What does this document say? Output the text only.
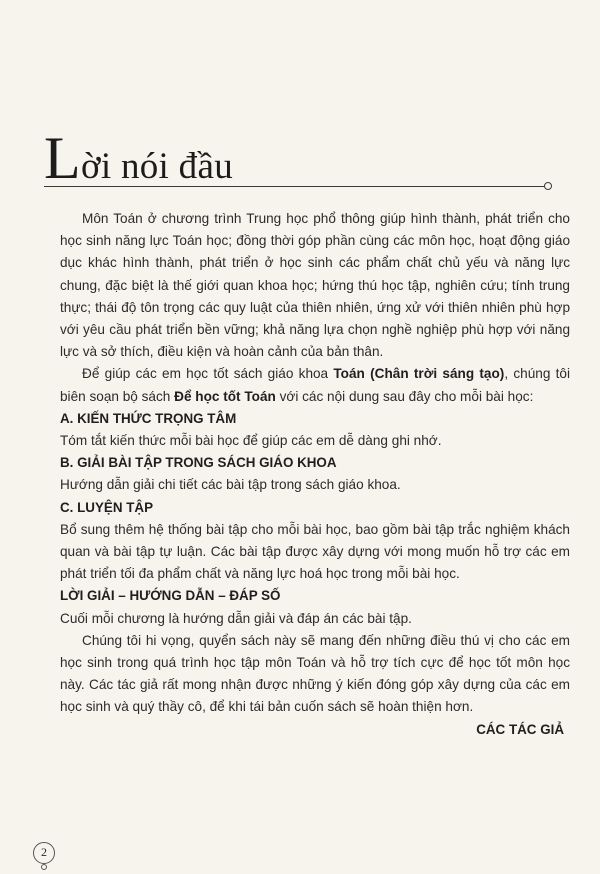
Lời nói đầu

Môn Toán ở chương trình Trung học phổ thông giúp hình thành, phát triển cho học sinh năng lực Toán học; đồng thời góp phần cùng các môn học, hoạt động giáo dục khác hình thành, phát triển ở học sinh các phẩm chất chủ yếu và năng lực chung, đặc biệt là thế giới quan khoa học; hứng thú học tập, nghiên cứu; tính trung thực; thái độ tôn trọng các quy luật của thiên nhiên, ứng xử với thiên nhiên phù hợp với yêu cầu phát triển bền vững; khả năng lựa chọn nghề nghiệp phù hợp với năng lực và sở thích, điều kiện và hoàn cảnh của bản thân.

Để giúp các em học tốt sách giáo khoa Toán (Chân trời sáng tạo), chúng tôi biên soạn bộ sách Để học tốt Toán với các nội dung sau đây cho mỗi bài học:

A. KIẾN THỨC TRỌNG TÂM

Tóm tắt kiến thức mỗi bài học để giúp các em dễ dàng ghi nhớ.

B. GIẢI BÀI TẬP TRONG SÁCH GIÁO KHOA

Hướng dẫn giải chi tiết các bài tập trong sách giáo khoa.

C. LUYỆN TẬP

Bổ sung thêm hệ thống bài tập cho mỗi bài học, bao gồm bài tập trắc nghiệm khách quan và bài tập tự luận. Các bài tập được xây dựng với mong muốn hỗ trợ các em phát triển tối đa phẩm chất và năng lực hoá học trong mỗi bài học.

LỜI GIẢI – HƯỚNG DẪN – ĐÁP SỐ

Cuối mỗi chương là hướng dẫn giải và đáp án các bài tập.

Chúng tôi hi vọng, quyển sách này sẽ mang đến những điều thú vị cho các em học sinh trong quá trình học tập môn Toán và hỗ trợ tích cực để học tốt môn học này. Các tác giả rất mong nhận được những ý kiến đóng góp xây dựng của các em học sinh và quý thầy cô, để khi tái bản cuốn sách sẽ hoàn thiện hơn.

CÁC TÁC GIẢ
2
